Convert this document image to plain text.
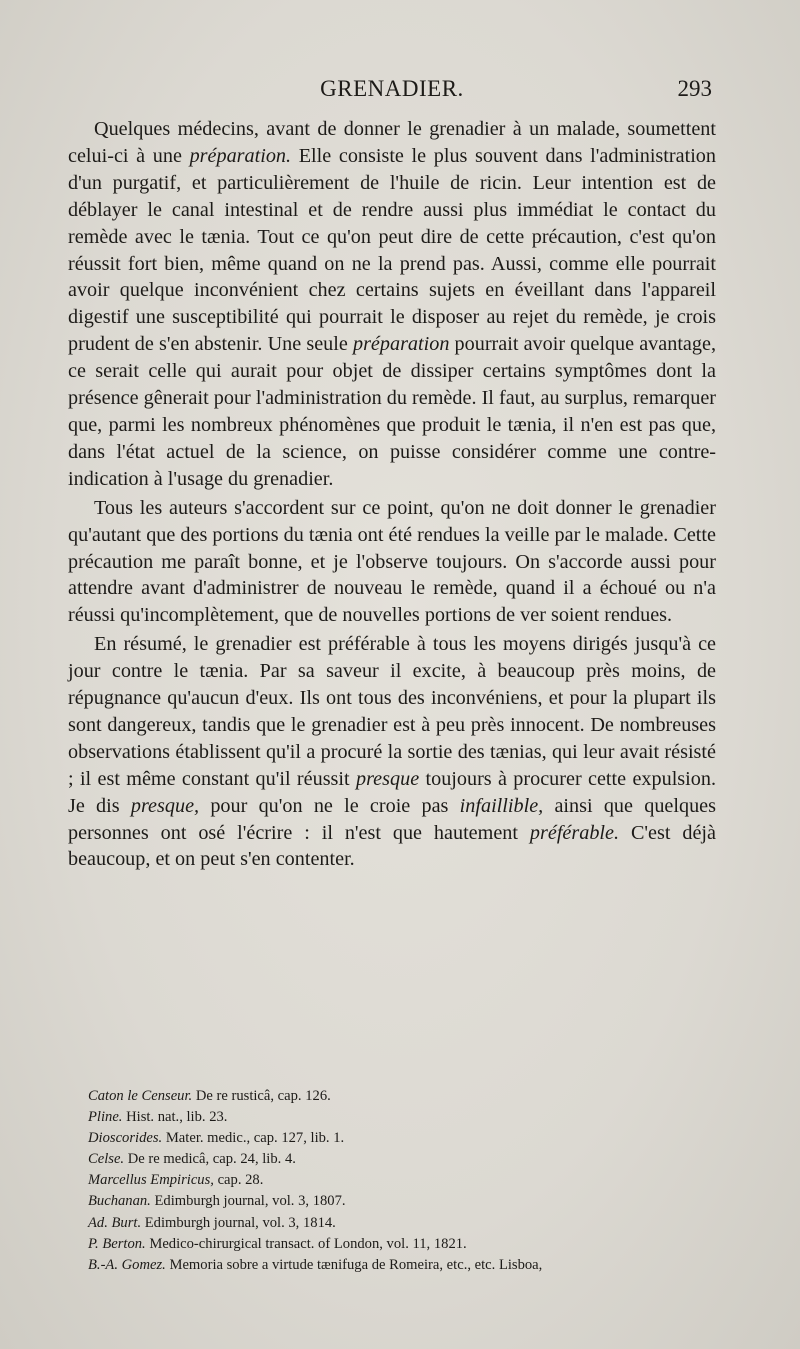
GRENADIER.	293

Quelques médecins, avant de donner le grenadier à un malade, soumettent celui-ci à une préparation. Elle consiste le plus souvent dans l'administration d'un purgatif, et particulièrement de l'huile de ricin. Leur intention est de déblayer le canal intestinal et de rendre aussi plus immédiat le contact du remède avec le tænia. Tout ce qu'on peut dire de cette précaution, c'est qu'on réussit fort bien, même quand on ne la prend pas. Aussi, comme elle pourrait avoir quelque inconvénient chez certains sujets en éveillant dans l'appareil digestif une susceptibilité qui pourrait le disposer au rejet du remède, je crois prudent de s'en abstenir. Une seule préparation pourrait avoir quelque avantage, ce serait celle qui aurait pour objet de dissiper certains symptômes dont la présence gênerait pour l'administration du remède. Il faut, au surplus, remarquer que, parmi les nombreux phénomènes que produit le tænia, il n'en est pas que, dans l'état actuel de la science, on puisse considérer comme une contre-indication à l'usage du grenadier.

Tous les auteurs s'accordent sur ce point, qu'on ne doit donner le grenadier qu'autant que des portions du tænia ont été rendues la veille par le malade. Cette précaution me paraît bonne, et je l'observe toujours. On s'accorde aussi pour attendre avant d'administrer de nouveau le remède, quand il a échoué ou n'a réussi qu'incomplètement, que de nouvelles portions de ver soient rendues.

En résumé, le grenadier est préférable à tous les moyens dirigés jusqu'à ce jour contre le tænia. Par sa saveur il excite, à beaucoup près moins, de répugnance qu'aucun d'eux. Ils ont tous des inconvéniens, et pour la plupart ils sont dangereux, tandis que le grenadier est à peu près innocent. De nombreuses observations établissent qu'il a procuré la sortie des tænias, qui leur avait résisté ; il est même constant qu'il réussit presque toujours à procurer cette expulsion. Je dis presque, pour qu'on ne le croie pas infaillible, ainsi que quelques personnes ont osé l'écrire : il n'est que hautement préférable. C'est déjà beaucoup, et on peut s'en contenter.

Caton le Censeur. De re rusticâ, cap. 126.
Pline. Hist. nat., lib. 23.
Dioscorides. Mater. medic., cap. 127, lib. 1.
Celse. De re medicâ, cap. 24, lib. 4.
Marcellus Empiricus, cap. 28.
Buchanan. Edimburgh journal, vol. 3, 1807.
Ad. Burt. Edimburgh journal, vol. 3, 1814.
P. Berton. Medico-chirurgical transact. of London, vol. 11, 1821.
B.-A. Gomez. Memoria sobre a virtude tænifuga de Romeira, etc., etc. Lisboa,
